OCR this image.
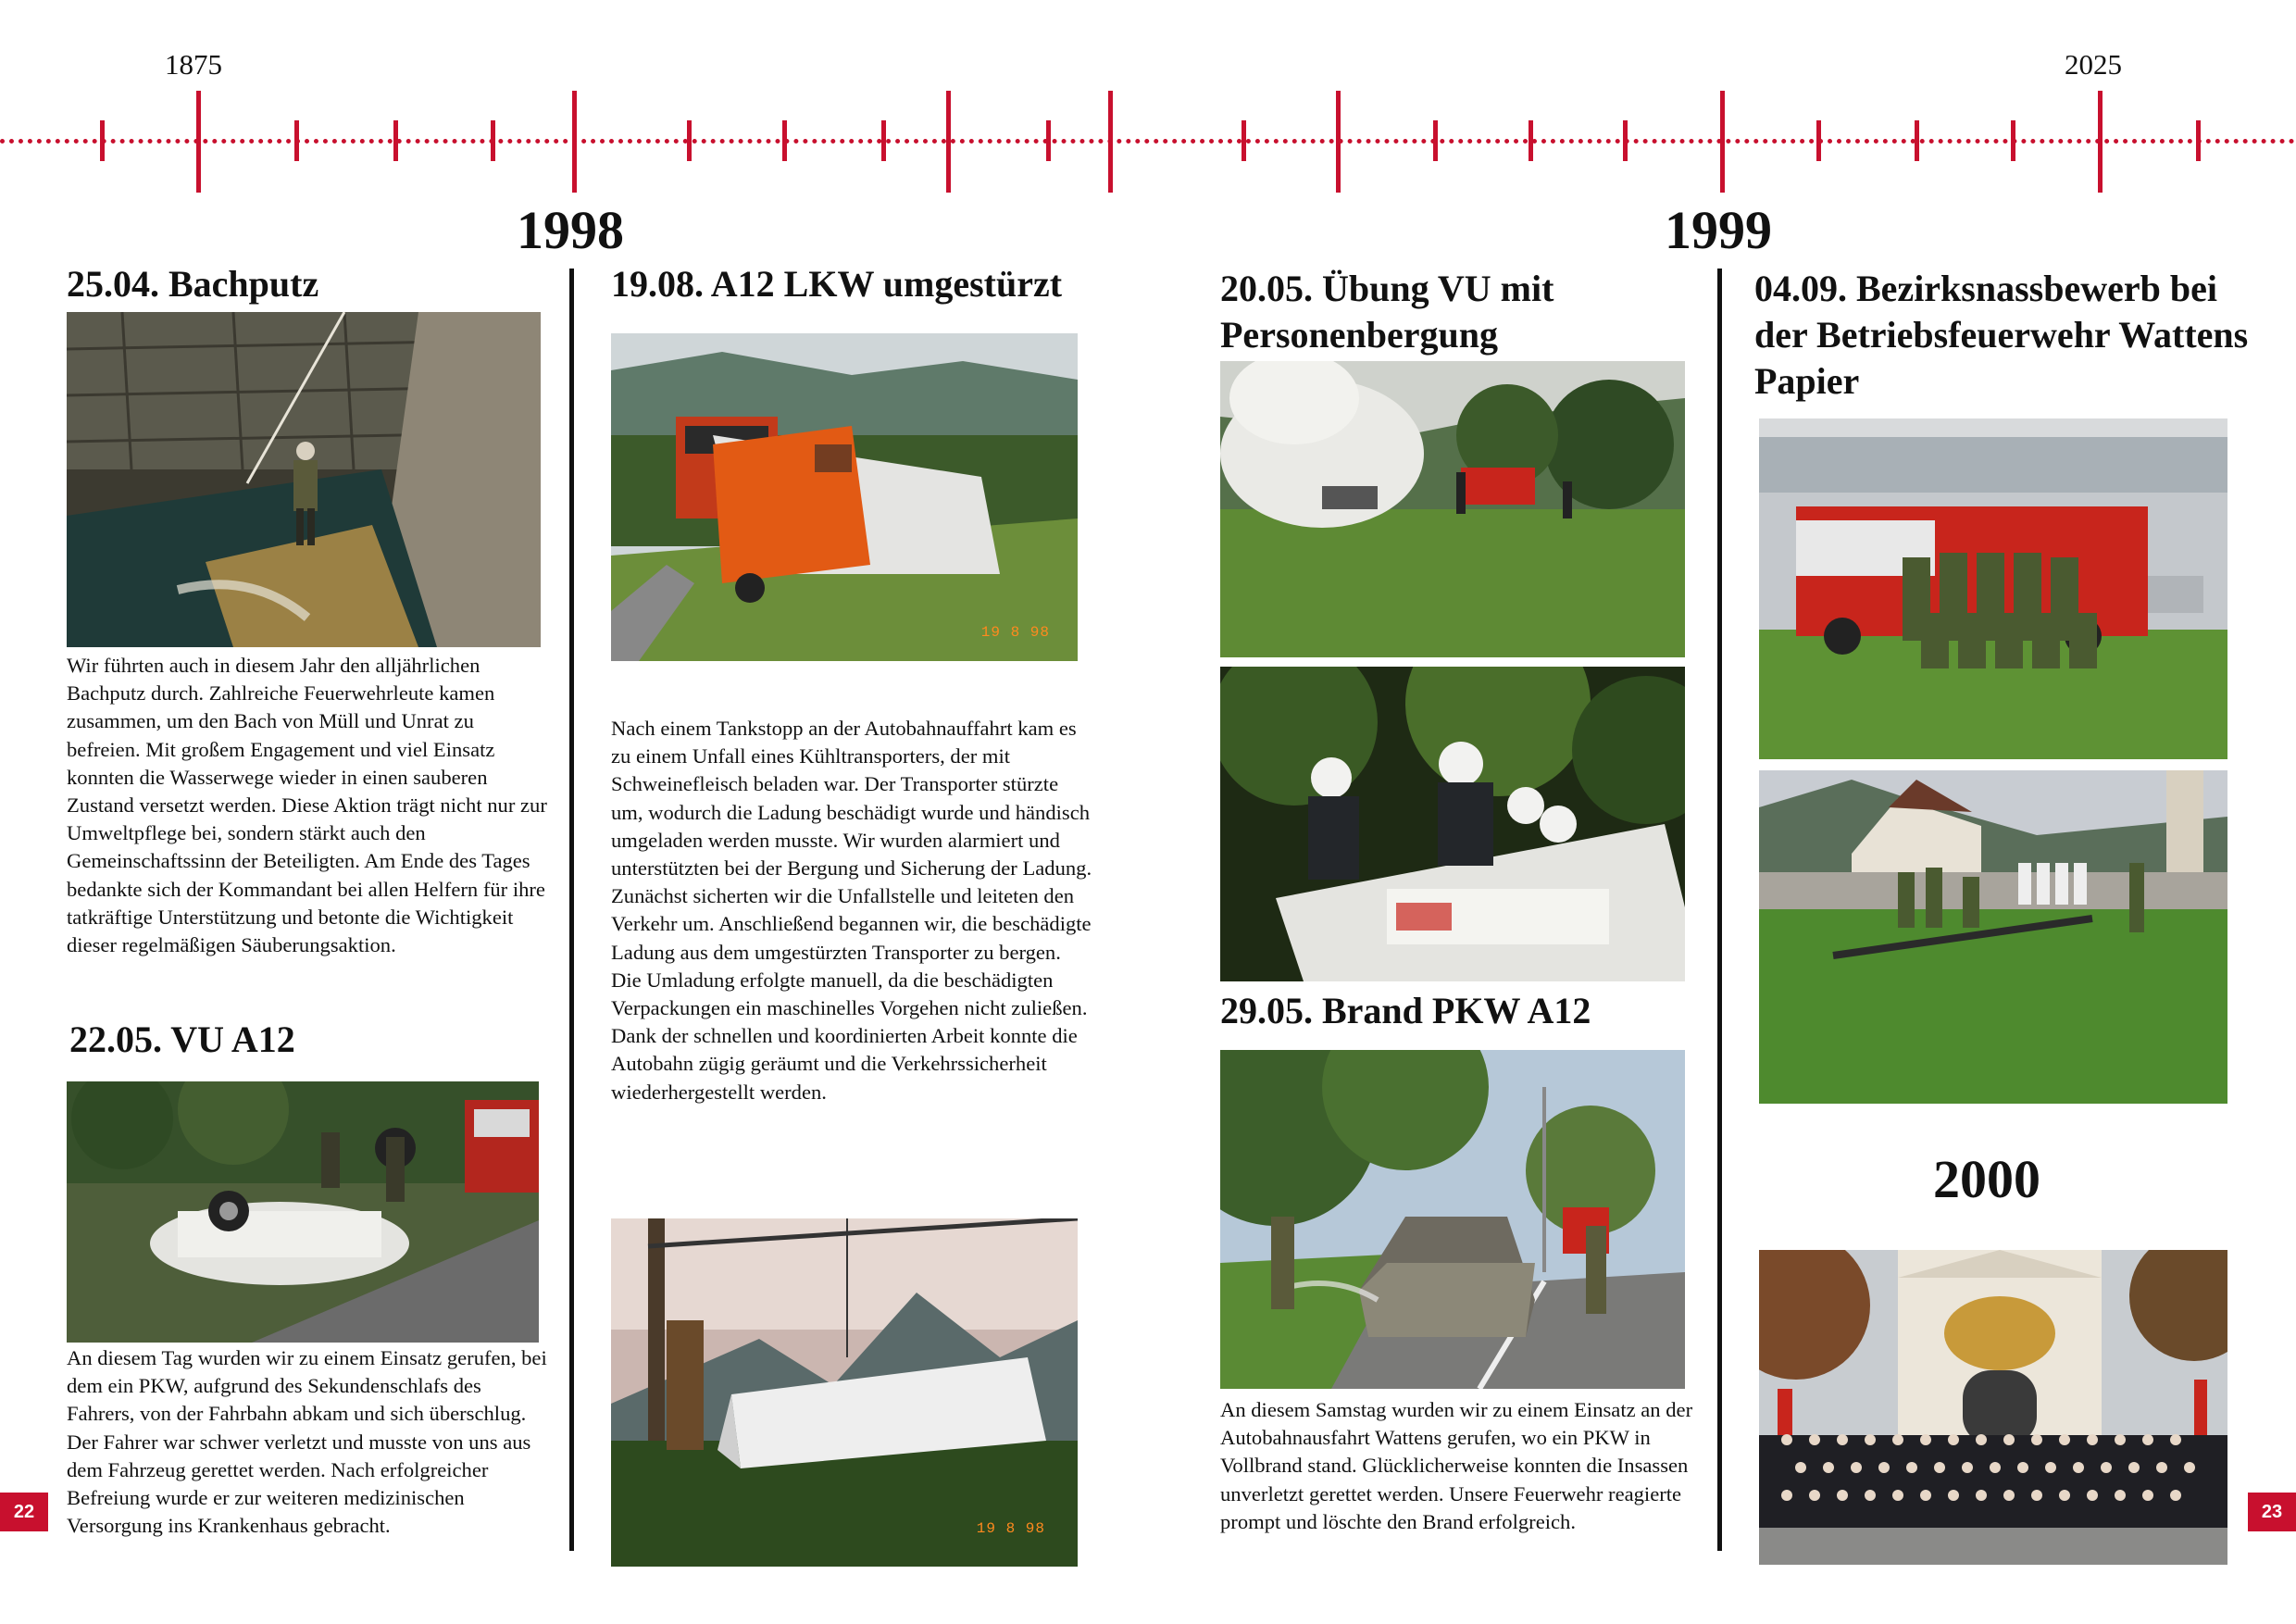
1875	2025
1998	1999
2000
25.04. Bachputz

Wir führten auch in diesem Jahr den alljährlichen Bachputz durch. Zahlreiche Feuerwehrleute kamen zusammen, um den Bach von Müll und Unrat zu befreien. Mit großem Engagement und viel Einsatz konnten die Wasserwege wieder in einen sauberen Zustand versetzt werden. Diese Aktion trägt nicht nur zur Umweltpflege bei, sondern stärkt auch den Gemeinschaftssinn der Beteiligten. Am Ende des Tages bedankte sich der Kommandant bei allen Helfern für ihre tatkräftige Unterstützung und betonte die Wichtigkeit dieser regelmäßigen Säuberungsaktion.

22.05. VU A12

An diesem Tag wurden wir zu einem Einsatz gerufen, bei dem ein PKW, aufgrund des Sekundenschlafs des Fahrers, von der Fahrbahn abkam und sich überschlug. Der Fahrer war schwer verletzt und musste von uns aus dem Fahrzeug gerettet werden. Nach erfolgreicher Befreiung wurde er zur weiteren medizinischen Versorgung ins Krankenhaus gebracht.

22
19.08. A12 LKW umgestürzt
19 8 98

Nach einem Tankstopp an der Autobahnauffahrt kam es zu einem Unfall eines Kühltransporters, der mit Schweinefleisch beladen war. Der Transporter stürzte um, wodurch die Ladung beschädigt wurde und händisch umgeladen werden musste. Wir wurden alarmiert und unterstützten bei der Bergung und Sicherung der Ladung.

Zunächst sicherten wir die Unfallstelle und leiteten den Verkehr um. Anschließend begannen wir, die beschädigte Ladung aus dem umgestürzten Transporter zu bergen. Die Umladung erfolgte manuell, da die beschädigten Verpackungen ein maschinelles Vorgehen nicht zuließen.

Dank der schnellen und koordinierten Arbeit konnte die Autobahn zügig geräumt und die Verkehrssicherheit wiederhergestellt werden.

19 8 98
20.05. Übung VU mit Personenbergung
29.05. Brand PKW A12

An diesem Samstag wurden wir zu einem Einsatz an der Autobahnausfahrt Wattens gerufen, wo ein PKW in Vollbrand stand. Glücklicherweise konnten die Insassen unverletzt gerettet werden. Unsere Feuerwehr reagierte prompt und löschte den Brand erfolgreich.

04.09. Bezirksnassbewerb bei der Betriebsfeuerwehr Wattens Papier
23
